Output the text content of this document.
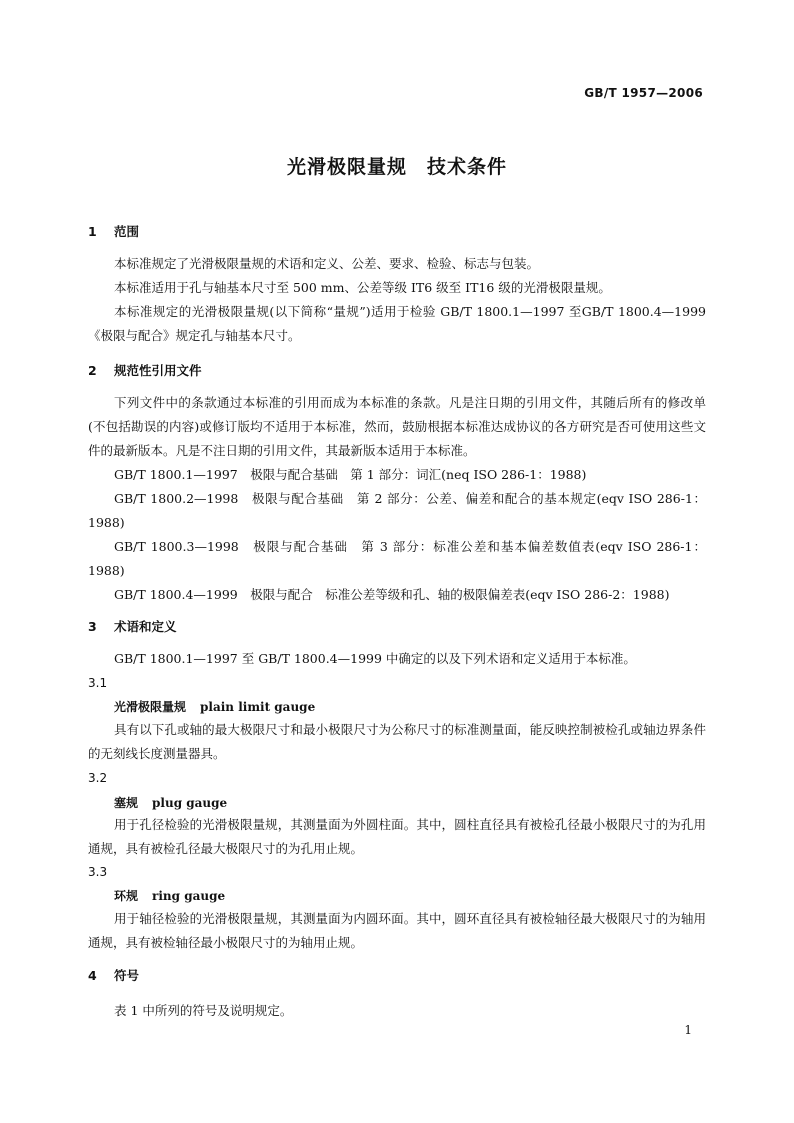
GB/T 1957—2006
光滑极限量规　技术条件
1 范围
本标准规定了光滑极限量规的术语和定义、公差、要求、检验、标志与包装。
本标准适用于孔与轴基本尺寸至 500 mm、公差等级 IT6 级至 IT16 级的光滑极限量规。
本标准规定的光滑极限量规(以下简称“量规”)适用于检验 GB/T 1800.1—1997 至GB/T 1800.4—1999《极限与配合》规定孔与轴基本尺寸。
2 规范性引用文件
下列文件中的条款通过本标准的引用而成为本标准的条款。凡是注日期的引用文件，其随后所有的修改单(不包括勘误的内容)或修订版均不适用于本标准，然而，鼓励根据本标准达成协议的各方研究是否可使用这些文件的最新版本。凡是不注日期的引用文件，其最新版本适用于本标准。
GB/T 1800.1—1997　极限与配合基础　第 1 部分：词汇(neq ISO 286-1：1988)
GB/T 1800.2—1998　极限与配合基础　第 2 部分：公差、偏差和配合的基本规定(eqv ISO 286-1：1988)
GB/T 1800.3—1998　极限与配合基础　第 3 部分：标准公差和基本偏差数值表(eqv ISO 286-1：1988)
GB/T 1800.4—1999　极限与配合　标准公差等级和孔、轴的极限偏差表(eqv ISO 286-2：1988)
3 术语和定义
GB/T 1800.1—1997 至 GB/T 1800.4—1999 中确定的以及下列术语和定义适用于本标准。
3.1
光滑极限量规 plain limit gauge
具有以下孔或轴的最大极限尺寸和最小极限尺寸为公称尺寸的标准测量面，能反映控制被检孔或轴边界条件的无刻线长度测量器具。
3.2
塞规 plug gauge
用于孔径检验的光滑极限量规，其测量面为外圆柱面。其中，圆柱直径具有被检孔径最小极限尺寸的为孔用通规，具有被检孔径最大极限尺寸的为孔用止规。
3.3
环规 ring gauge
用于轴径检验的光滑极限量规，其测量面为内圆环面。其中，圆环直径具有被检轴径最大极限尺寸的为轴用通规，具有被检轴径最小极限尺寸的为轴用止规。
4 符号
表 1 中所列的符号及说明规定。
1
